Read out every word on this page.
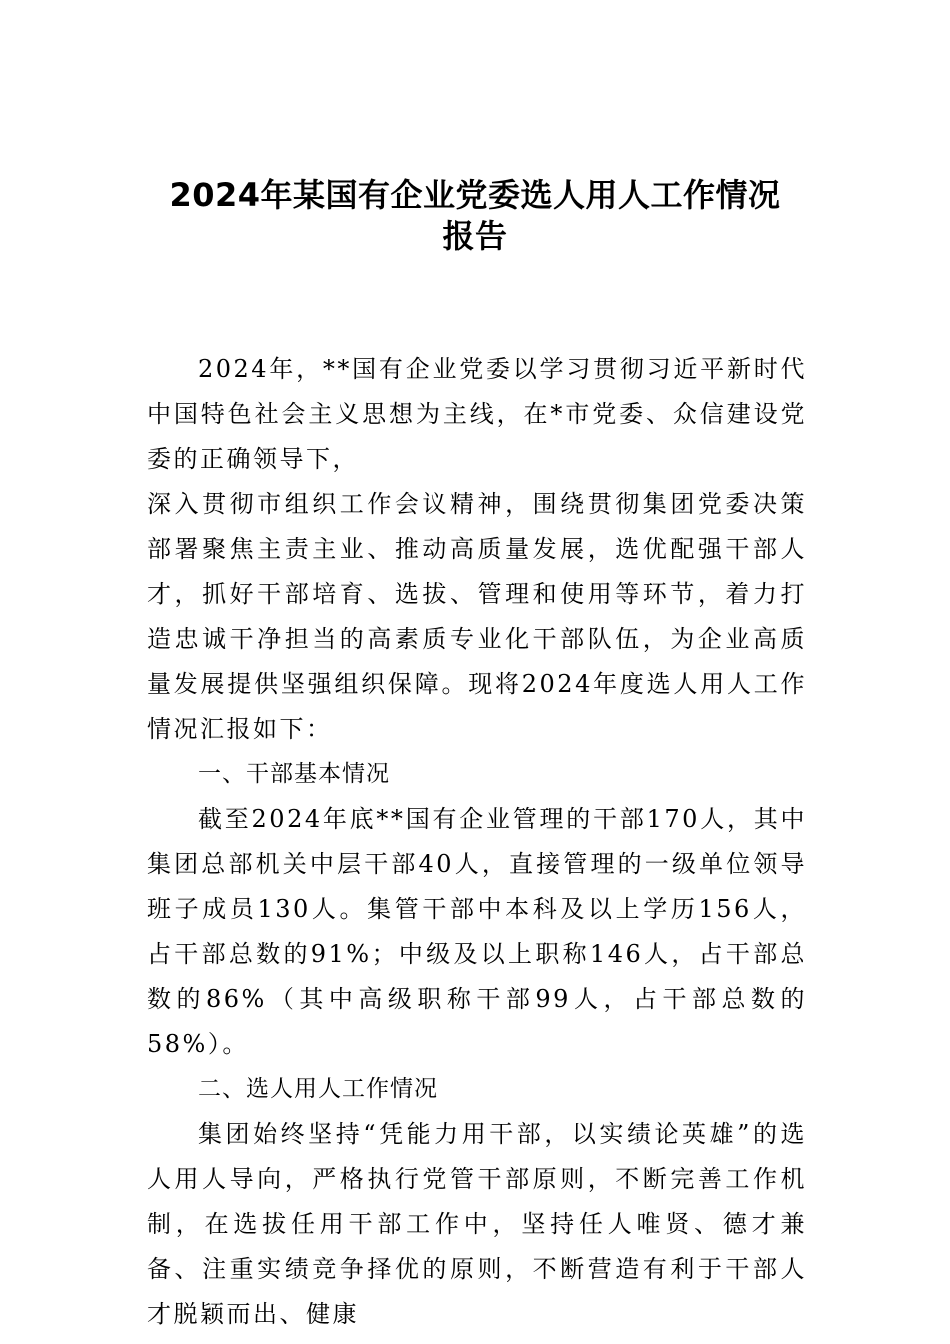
2024年某国有企业党委选人用人工作情况
报告

2024年，**国有企业党委以学习贯彻习近平新时代中国特色社会主义思想为主线，在*市党委、众信建设党委的正确领导下，

深入贯彻市组织工作会议精神，围绕贯彻集团党委决策部署聚焦主责主业、推动高质量发展，选优配强干部人才，抓好干部培育、选拔、管理和使用等环节，着力打造忠诚干净担当的高素质专业化干部队伍，为企业高质量发展提供坚强组织保障。现将2024年度选人用人工作情况汇报如下：

一、干部基本情况

截至2024年底**国有企业管理的干部170人，其中集团总部机关中层干部40人，直接管理的一级单位领导班子成员130人。集管干部中本科及以上学历156人，占干部总数的91%；中级及以上职称146人，占干部总数的86%（其中高级职称干部99人，占干部总数的58%）。

二、选人用人工作情况

集团始终坚持“凭能力用干部，以实绩论英雄”的选人用人导向，严格执行党管干部原则，不断完善工作机制，在选拔任用干部工作中，坚持任人唯贤、德才兼备、注重实绩竞争择优的原则，不断营造有利于干部人才脱颖而出、健康
